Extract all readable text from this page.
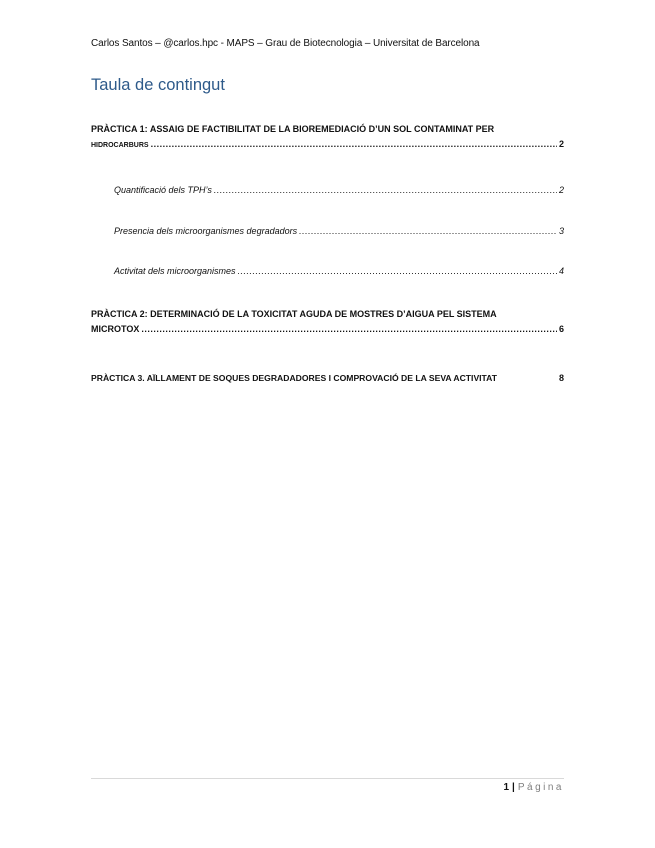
Carlos Santos – @carlos.hpc - MAPS – Grau de Biotecnologia – Universitat de Barcelona
Taula de contingut
PRÀCTICA 1: ASSAIG DE FACTIBILITAT DE LA BIOREMEDIACIÓ D’UN SOL CONTAMINAT PER
HIDROCARBURS .....	2
Quantificació dels TPH’s .....	2
Presencia dels microorganismes degradadors .....	3
Activitat dels microorganismes .....	4
PRÀCTICA 2: DETERMINACIÓ DE LA TOXICITAT AGUDA DE MOSTRES D’AIGUA PEL SISTEMA
MICROTOX .....	6
PRÀCTICA 3. AÏLLAMENT DE SOQUES DEGRADADORES I COMPROVACIÓ DE LA SEVA ACTIVITAT	8
1 | Página
